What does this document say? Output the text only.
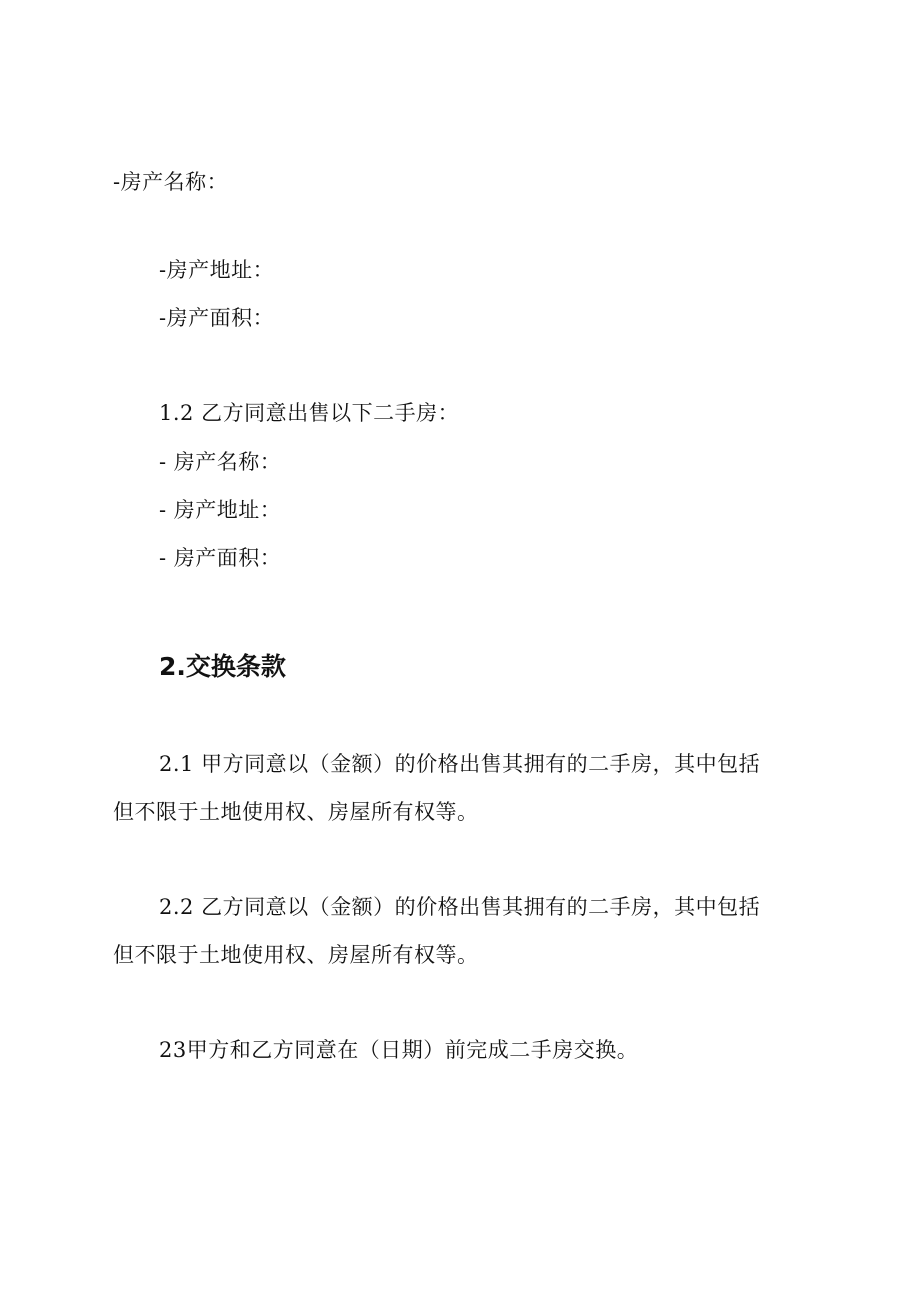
-房产名称：
-房产地址：
-房产面积：
1.2 乙方同意出售以下二手房：
- 房产名称：
- 房产地址：
- 房产面积：
2.交换条款
2.1 甲方同意以（金额）的价格出售其拥有的二手房，其中包括
但不限于土地使用权、房屋所有权等。
2.2 乙方同意以（金额）的价格出售其拥有的二手房，其中包括
但不限于土地使用权、房屋所有权等。
23甲方和乙方同意在（日期）前完成二手房交换。
